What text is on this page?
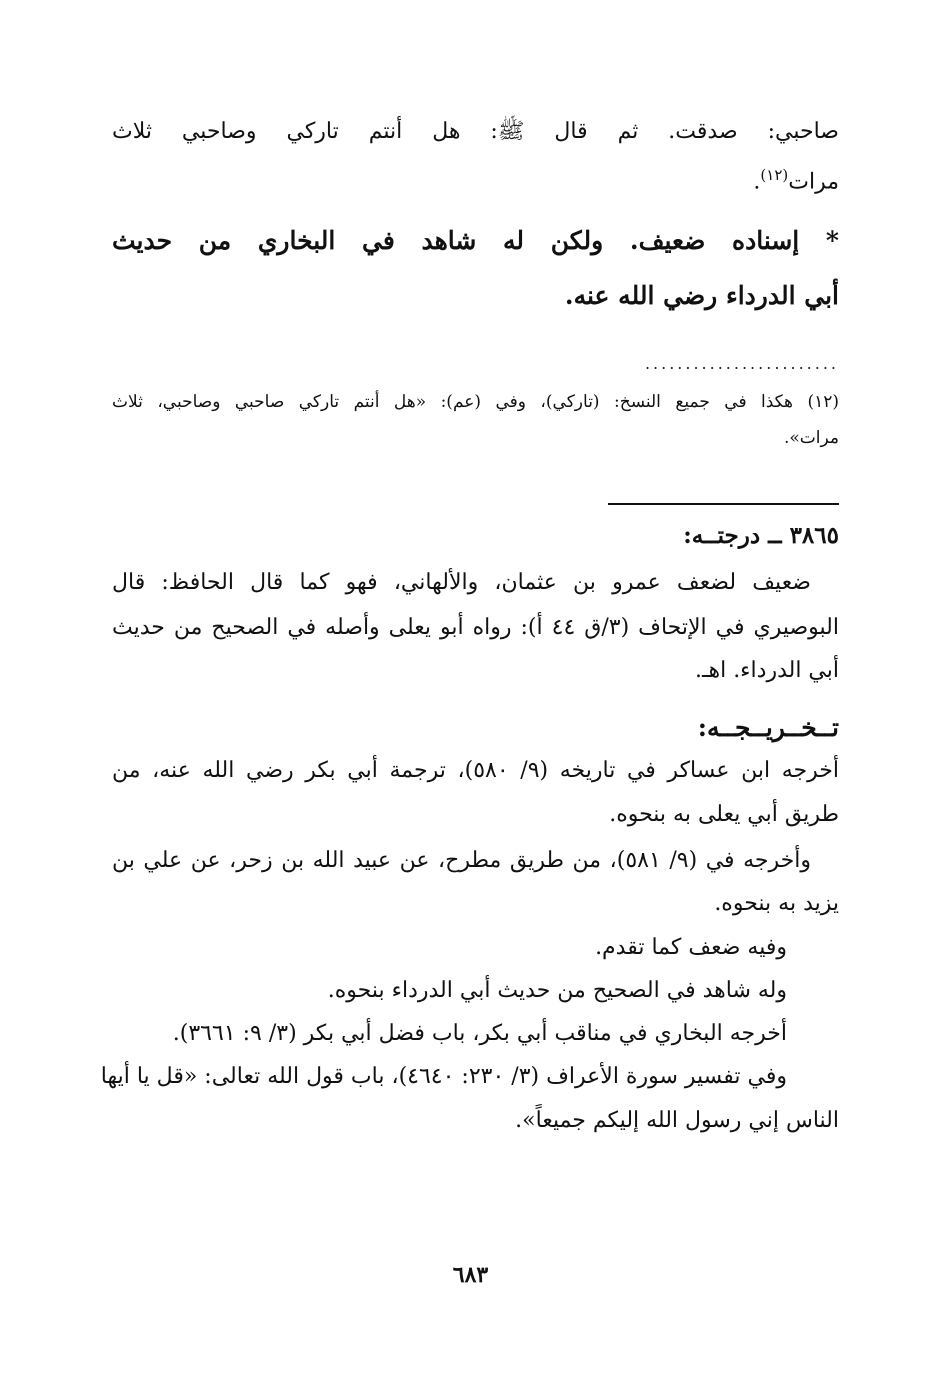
صاحبي: صدقت. ثم قال ﷺ: هل أنتم تاركي وصاحبي ثلاث
مرات$^{(١٢)}$.
* إسناده ضعيف. ولكن له شاهد في البخاري من حديث
أبي الدرداء رضي الله عنه.
........................
(١٢) هكذا في جميع النسخ: (تاركي)، وفي (عم): «هل أنتم تاركي صاحبي وصاحبي، ثلاث
مرات».
٣٨٦٥ ــ درجتــه:
ضعيف لضعف عمرو بن عثمان، والألهاني، فهو كما قال الحافظ: قال
البوصيري في الإتحاف (٣/ق ٤٤ أ): رواه أبو يعلى وأصله في الصحيح من حديث
أبي الدرداء. اهـ.
تــخــريــجــه:
أخرجه ابن عساكر في تاريخه (٩/ ٥٨٠)، ترجمة أبي بكر رضي الله عنه، من
طريق أبي يعلى به بنحوه.
وأخرجه في (٩/ ٥٨١)، من طريق مطرح، عن عبيد الله بن زحر، عن علي بن
يزيد به بنحوه.
وفيه ضعف كما تقدم.
وله شاهد في الصحيح من حديث أبي الدرداء بنحوه.
أخرجه البخاري في مناقب أبي بكر، باب فضل أبي بكر (٣/ ٩: ٣٦٦١).
وفي تفسير سورة الأعراف (٣/ ٢٣٠: ٤٦٤٠)، باب قول الله تعالى: «قل يا أيها
الناس إني رسول الله إليكم جميعاً».
٦٨٣
